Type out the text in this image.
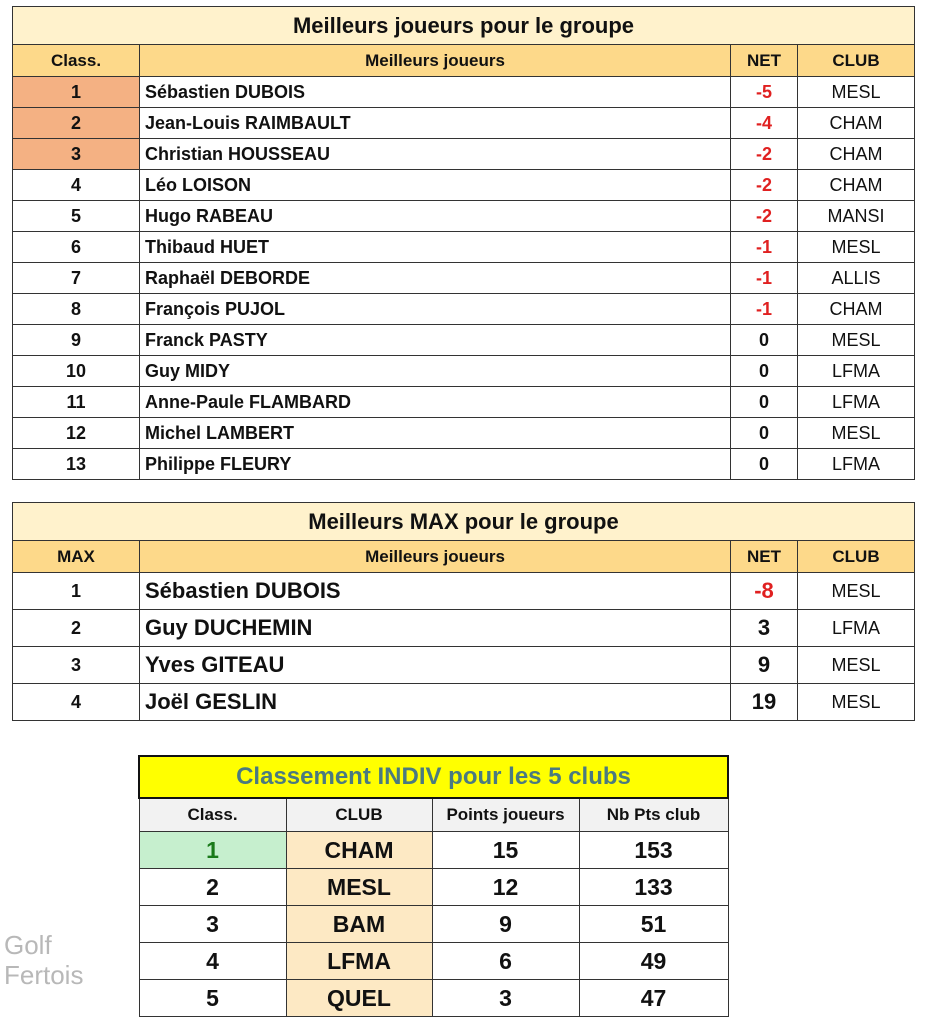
Meilleurs joueurs pour le groupe			
Class.	Meilleurs joueurs	NET	CLUB
1	Sébastien DUBOIS	-5	MESL
2	Jean-Louis RAIMBAULT	-4	CHAM
3	Christian HOUSSEAU	-2	CHAM
4	Léo LOISON	-2	CHAM
5	Hugo RABEAU	-2	MANSI
6	Thibaud HUET	-1	MESL
7	Raphaël DEBORDE	-1	ALLIS
8	François PUJOL	-1	CHAM
9	Franck PASTY	0	MESL
10	Guy MIDY	0	LFMA
11	Anne-Paule FLAMBARD	0	LFMA
12	Michel LAMBERT	0	MESL
13	Philippe FLEURY	0	LFMA
Meilleurs MAX pour le groupe			
MAX	Meilleurs joueurs	NET	CLUB
1	Sébastien DUBOIS	-8	MESL
2	Guy DUCHEMIN	3	LFMA
3	Yves GITEAU	9	MESL
4	Joël GESLIN	19	MESL
Classement INDIV pour les 5 clubs			
Class.	CLUB	Points joueurs	Nb Pts club
1	CHAM	15	153
2	MESL	12	133
3	BAM	9	51
4	LFMA	6	49
5	QUEL	3	47
Golf Fertois
